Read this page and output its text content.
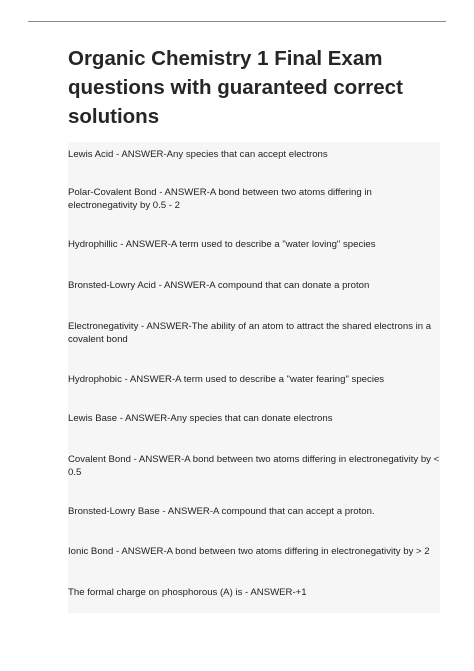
Organic Chemistry 1 Final Exam questions with guaranteed correct solutions
Lewis Acid - ANSWER-Any species that can accept electrons
Polar-Covalent Bond - ANSWER-A bond between two atoms differing in electronegativity by 0.5 - 2
Hydrophillic - ANSWER-A term used to describe a "water loving" species
Bronsted-Lowry Acid - ANSWER-A compound that can donate a proton
Electronegativity - ANSWER-The ability of an atom to attract the shared electrons in a covalent bond
Hydrophobic - ANSWER-A term used to describe a "water fearing" species
Lewis Base - ANSWER-Any species that can donate electrons
Covalent Bond - ANSWER-A bond between two atoms differing in electronegativity by < 0.5
Bronsted-Lowry Base - ANSWER-A compound that can accept a proton.
Ionic Bond - ANSWER-A bond between two atoms differing in electronegativity by > 2
The formal charge on phosphorous (A) is - ANSWER-+1
